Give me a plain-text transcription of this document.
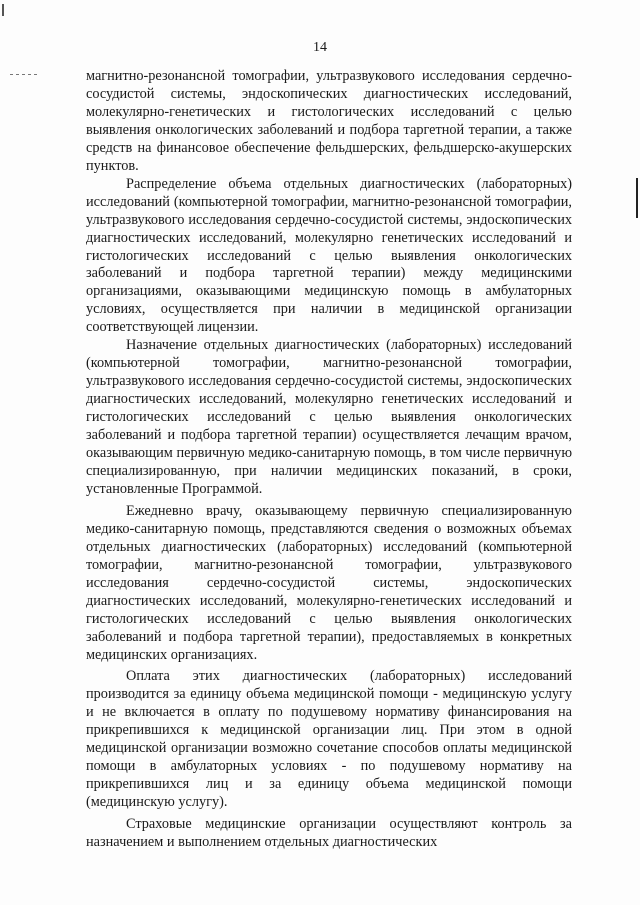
14

магнитно-резонансной томографии, ультразвукового исследования сердечно-сосудистой системы, эндоскопических диагностических исследований, молекулярно-генетических и гистологических исследований с целью выявления онкологических заболеваний и подбора таргетной терапии, а также средств на финансовое обеспечение фельдшерских, фельдшерско-акушерских пунктов.

Распределение объема отдельных диагностических (лабораторных) исследований (компьютерной томографии, магнитно-резонансной томографии, ультразвукового исследования сердечно-сосудистой системы, эндоскопических диагностических исследований, молекулярно генетических исследований и гистологических исследований с целью выявления онкологических заболеваний и подбора таргетной терапии) между медицинскими организациями, оказывающими медицинскую помощь в амбулаторных условиях, осуществляется при наличии в медицинской организации соответствующей лицензии.

Назначение отдельных диагностических (лабораторных) исследований (компьютерной томографии, магнитно-резонансной томографии, ультразвукового исследования сердечно-сосудистой системы, эндоскопических диагностических исследований, молекулярно генетических исследований и гистологических исследований с целью выявления онкологических заболеваний и подбора таргетной терапии) осуществляется лечащим врачом, оказывающим первичную медико-санитарную помощь, в том числе первичную специализированную, при наличии медицинских показаний, в сроки, установленные Программой.

Ежедневно врачу, оказывающему первичную специализированную медико-санитарную помощь, представляются сведения о возможных объемах отдельных диагностических (лабораторных) исследований (компьютерной томографии, магнитно-резонансной томографии, ультразвукового исследования сердечно-сосудистой системы, эндоскопических диагностических исследований, молекулярно-генетических исследований и гистологических исследований с целью выявления онкологических заболеваний и подбора таргетной терапии), предоставляемых в конкретных медицинских организациях.

Оплата этих диагностических (лабораторных) исследований производится за единицу объема медицинской помощи - медицинскую услугу и не включается в оплату по подушевому нормативу финансирования на прикрепившихся к медицинской организации лиц. При этом в одной медицинской организации возможно сочетание способов оплаты медицинской помощи в амбулаторных условиях - по подушевому нормативу на прикрепившихся лиц и за единицу объема медицинской помощи (медицинскую услугу).

Страховые медицинские организации осуществляют контроль за назначением и выполнением отдельных диагностических
